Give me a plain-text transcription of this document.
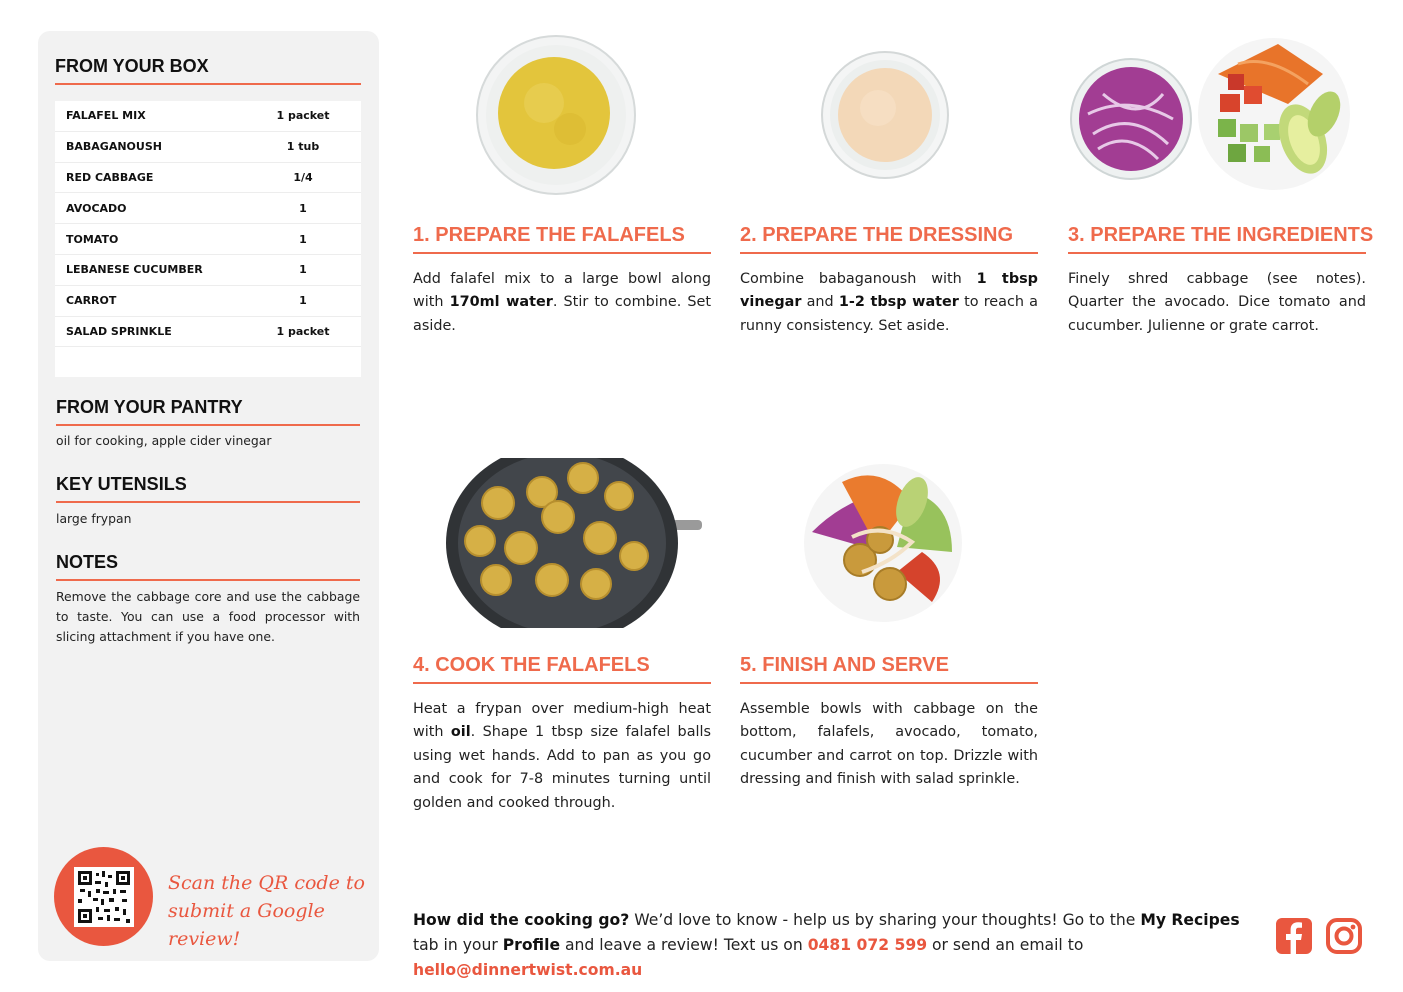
FROM YOUR BOX
FALAFEL MIX	1 packet
BABAGANOUSH	1 tub
RED CABBAGE	1/4
AVOCADO	1
TOMATO	1
LEBANESE CUCUMBER	1
CARROT	1
SALAD SPRINKLE	1 packet
FROM YOUR PANTRY
oil for cooking, apple cider vinegar
KEY UTENSILS
large frypan
NOTES
Remove the cabbage core and use the cabbage to taste. You can use a food processor with slicing attachment if you have one.
Scan the QR code to
submit a Google review!
1. PREPARE THE FALAFELS
Add falafel mix to a large bowl along with 170ml water. Stir to combine. Set aside.
2. PREPARE THE DRESSING
Combine babaganoush with 1 tbsp vinegar and 1-2 tbsp water to reach a runny consistency. Set aside.
3. PREPARE THE INGREDIENTS
Finely shred cabbage (see notes). Quarter the avocado. Dice tomato and cucumber. Julienne or grate carrot.
4. COOK THE FALAFELS
Heat a frypan over medium-high heat with oil. Shape 1 tbsp size falafel balls using wet hands. Add to pan as you go and cook for 7-8 minutes turning until golden and cooked through.
5. FINISH AND SERVE
Assemble bowls with cabbage on the bottom, falafels, avocado, tomato, cucumber and carrot on top. Drizzle with dressing and finish with salad sprinkle.
How did the cooking go? We’d love to know - help us by sharing your thoughts! Go to the My Recipes tab in your Profile and leave a review! Text us on 0481 072 599 or send an email to hello@dinnertwist.com.au
